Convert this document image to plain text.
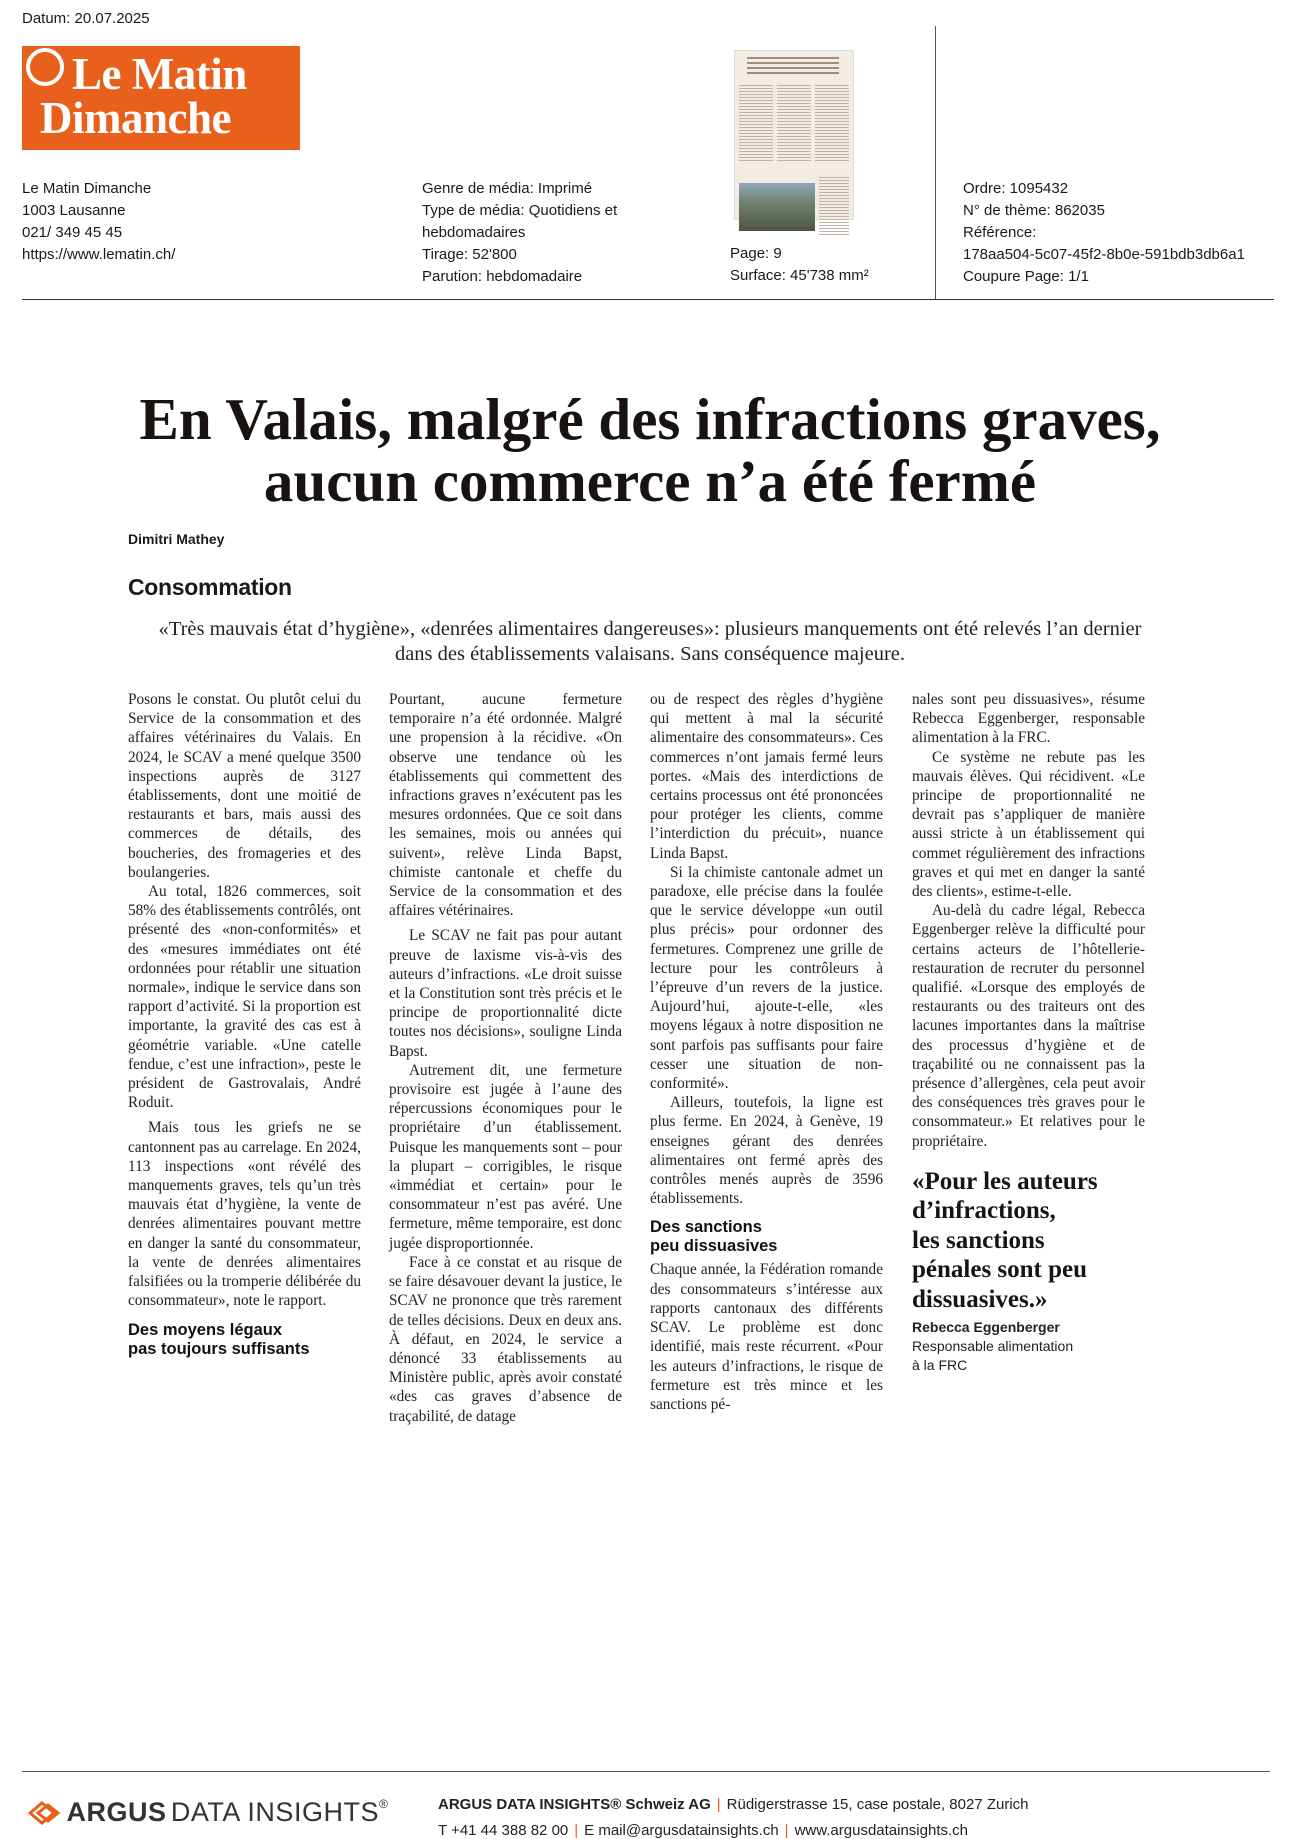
Datum: 20.07.2025
Le Matin
Dimanche
Le Matin Dimanche
1003 Lausanne
021/ 349 45 45
https://www.lematin.ch/
Genre de média: Imprimé
Type de média: Quotidiens et
hebdomadaires
Tirage: 52'800
Parution: hebdomadaire
Page: 9
Surface: 45'738 mm²
Ordre: 1095432
N° de thème: 862035
Référence:
178aa504-5c07-45f2-8b0e-591bdb3db6a1
Coupure Page: 1/1
En Valais, malgré des infractions graves,
aucun commerce n’a été fermé
Dimitri Mathey
Consommation
«Très mauvais état d’hygiène», «denrées alimentaires dangereuses»: plusieurs manquements ont été relevés l’an dernier
dans des établissements valaisans. Sans conséquence majeure.

Posons le constat. Ou plutôt celui du Service de la consommation et des affaires vétérinaires du Valais. En 2024, le SCAV a mené quelque 3500 inspections auprès de 3127 établissements, dont une moitié de restaurants et bars, mais aussi des commerces de détails, des boucheries, des fromageries et des boulangeries.

Au total, 1826 commerces, soit 58% des établissements contrôlés, ont présenté des «non-conformités» et des «mesures immédiates ont été ordonnées pour rétablir une situation normale», indique le service dans son rapport d’activité. Si la proportion est importante, la gravité des cas est à géométrie variable. «Une catelle fendue, c’est une infraction», peste le président de Gastrovalais, André Roduit.

Mais tous les griefs ne se cantonnent pas au carrelage. En 2024, 113 inspections «ont révélé des manquements graves, tels qu’un très mauvais état d’hygiène, la vente de denrées alimentaires pouvant mettre en danger la santé du consommateur, la vente de denrées alimentaires falsifiées ou la tromperie délibérée du consommateur», note le rapport.

Des moyens légaux
pas toujours suffisants

Pourtant, aucune fermeture temporaire n’a été ordonnée. Malgré une propension à la récidive. «On observe une tendance où les établissements qui commettent des infractions graves n’exécutent pas les mesures ordonnées. Que ce soit dans les semaines, mois ou années qui suivent», relève Linda Bapst, chimiste cantonale et cheffe du Service de la consommation et des affaires vétérinaires.

Le SCAV ne fait pas pour autant preuve de laxisme vis-à-vis des auteurs d’infractions. «Le droit suisse et la Constitution sont très précis et le principe de proportionnalité dicte toutes nos décisions», souligne Linda Bapst.

Autrement dit, une fermeture provisoire est jugée à l’aune des répercussions économiques pour le propriétaire d’un établissement. Puisque les manquements sont – pour la plupart – corrigibles, le risque «immédiat et certain» pour le consommateur n’est pas avéré. Une fermeture, même temporaire, est donc jugée disproportionnée.

Face à ce constat et au risque de se faire désavouer devant la justice, le SCAV ne prononce que très rarement de telles décisions. Deux en deux ans. À défaut, en 2024, le service a dénoncé 33 établissements au Ministère public, après avoir constaté «des cas graves d’absence de traçabilité, de datage

ou de respect des règles d’hygiène qui mettent à mal la sécurité alimentaire des consommateurs». Ces commerces n’ont jamais fermé leurs portes. «Mais des interdictions de certains processus ont été prononcées pour protéger les clients, comme l’interdiction du précuit», nuance Linda Bapst.

Si la chimiste cantonale admet un paradoxe, elle précise dans la foulée que le service développe «un outil plus précis» pour ordonner des fermetures. Comprenez une grille de lecture pour les contrôleurs à l’épreuve d’un revers de la justice. Aujourd’hui, ajoute-t-elle, «les moyens légaux à notre disposition ne sont parfois pas suffisants pour faire cesser une situation de non-conformité».

Ailleurs, toutefois, la ligne est plus ferme. En 2024, à Genève, 19 enseignes gérant des denrées alimentaires ont fermé après des contrôles menés auprès de 3596 établissements.

Des sanctions
peu dissuasives

Chaque année, la Fédération romande des consommateurs s’intéresse aux rapports cantonaux des différents SCAV. Le problème est donc identifié, mais reste récurrent. «Pour les auteurs d’infractions, le risque de fermeture est très mince et les sanctions pé-

nales sont peu dissuasives», résume Rebecca Eggenberger, responsable alimentation à la FRC.

Ce système ne rebute pas les mauvais élèves. Qui récidivent. «Le principe de proportionnalité ne devrait pas s’appliquer de manière aussi stricte à un établissement qui commet régulièrement des infractions graves et qui met en danger la santé des clients», estime-t-elle.

Au-delà du cadre légal, Rebecca Eggenberger relève la difficulté pour certains acteurs de l’hôtellerie-restauration de recruter du personnel qualifié. «Lorsque des employés de restaurants ou des traiteurs ont des lacunes importantes dans la maîtrise des processus d’hygiène et de traçabilité ou ne connaissent pas la présence d’allergènes, cela peut avoir des conséquences très graves pour le consommateur.» Et relatives pour le propriétaire.

«Pour les auteurs
d’infractions,
les sanctions
pénales sont peu
dissuasives.»
Rebecca Eggenberger
Responsable alimentation
à la FRC
ARGUS DATA INSIGHTS®	ARGUS DATA INSIGHTS® Schweiz AG | Rüdigerstrasse 15, case postale, 8027 Zurich
T +41 44 388 82 00 | E mail@argusdatainsights.ch | www.argusdatainsights.ch
